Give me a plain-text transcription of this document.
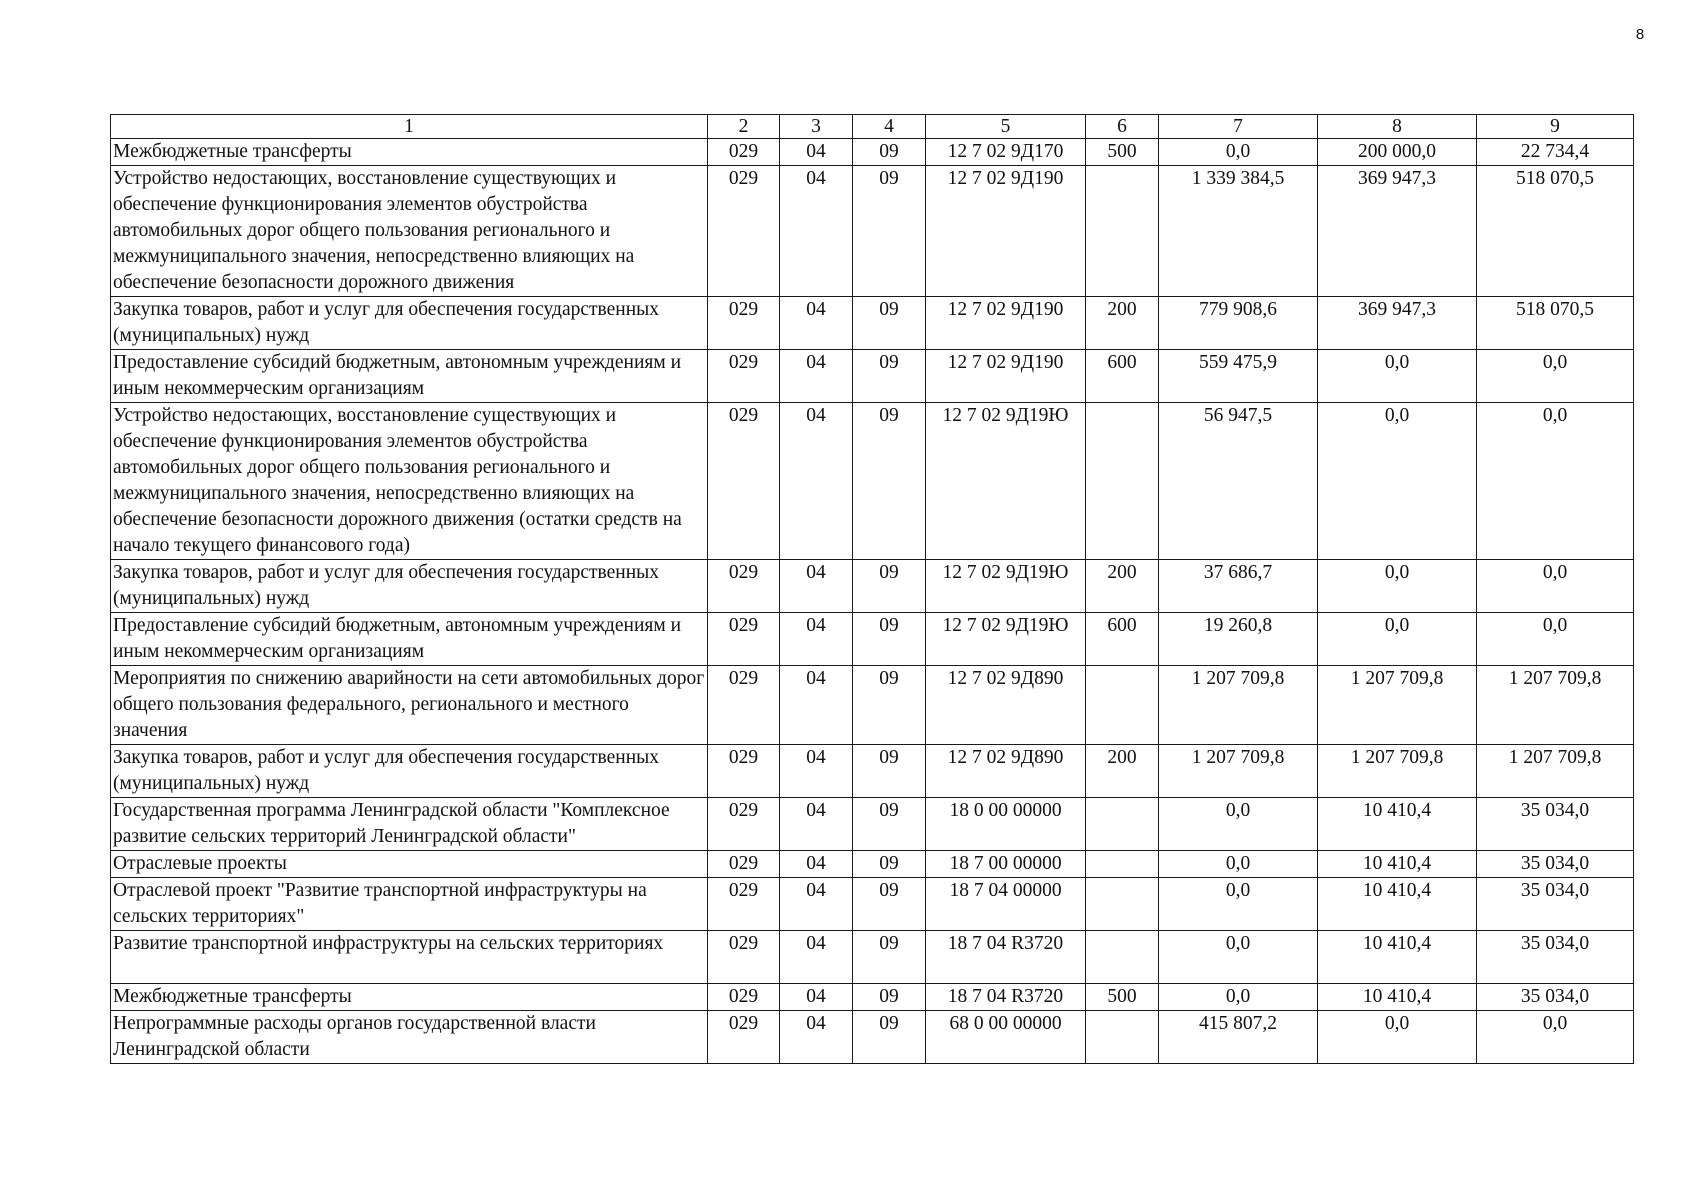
8
1	2	3	4	5	6	7	8	9
Межбюджетные трансферты	029	04	09	12 7 02 9Д170	500	0,0	200 000,0	22 734,4
Устройство недостающих, восстановление существующих и обеспечение функционирования элементов обустройства автомобильных дорог общего пользования регионального и межмуниципального значения, непосредственно влияющих на обеспечение безопасности дорожного движения	029	04	09	12 7 02 9Д190		1 339 384,5	369 947,3	518 070,5
Закупка товаров, работ и услуг для обеспечения государственных (муниципальных) нужд	029	04	09	12 7 02 9Д190	200	779 908,6	369 947,3	518 070,5
Предоставление субсидий бюджетным, автономным учреждениям и иным некоммерческим организациям	029	04	09	12 7 02 9Д190	600	559 475,9	0,0	0,0
Устройство недостающих, восстановление существующих и обеспечение функционирования элементов обустройства автомобильных дорог общего пользования регионального и межмуниципального значения, непосредственно влияющих на обеспечение безопасности дорожного движения (остатки средств на начало текущего финансового года)	029	04	09	12 7 02 9Д19Ю		56 947,5	0,0	0,0
Закупка товаров, работ и услуг для обеспечения государственных (муниципальных) нужд	029	04	09	12 7 02 9Д19Ю	200	37 686,7	0,0	0,0
Предоставление субсидий бюджетным, автономным учреждениям и иным некоммерческим организациям	029	04	09	12 7 02 9Д19Ю	600	19 260,8	0,0	0,0
Мероприятия по снижению аварийности на сети автомобильных дорог общего пользования федерального, регионального и местного значения	029	04	09	12 7 02 9Д890		1 207 709,8	1 207 709,8	1 207 709,8
Закупка товаров, работ и услуг для обеспечения государственных (муниципальных) нужд	029	04	09	12 7 02 9Д890	200	1 207 709,8	1 207 709,8	1 207 709,8
Государственная программа Ленинградской области "Комплексное развитие сельских территорий Ленинградской области"	029	04	09	18 0 00 00000		0,0	10 410,4	35 034,0
Отраслевые проекты	029	04	09	18 7 00 00000		0,0	10 410,4	35 034,0
Отраслевой проект "Развитие транспортной инфраструктуры на сельских территориях"	029	04	09	18 7 04 00000		0,0	10 410,4	35 034,0
Развитие транспортной инфраструктуры на сельских территориях	029	04	09	18 7 04 R3720		0,0	10 410,4	35 034,0
Межбюджетные трансферты	029	04	09	18 7 04 R3720	500	0,0	10 410,4	35 034,0
Непрограммные расходы органов государственной власти Ленинградской области	029	04	09	68 0 00 00000		415 807,2	0,0	0,0
